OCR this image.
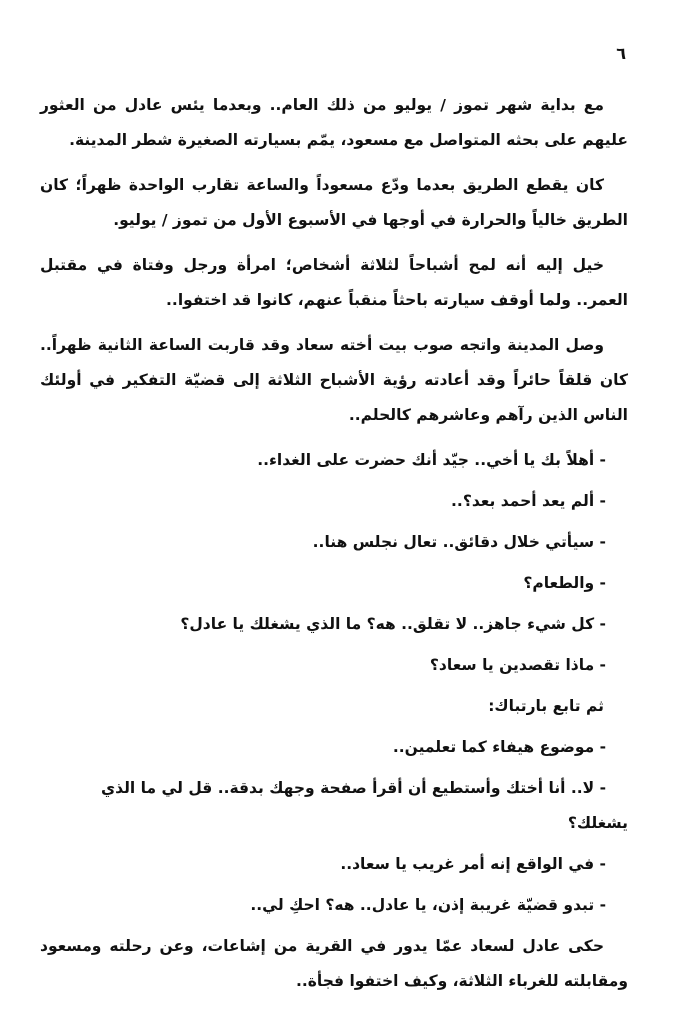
٦

مع بداية شهر تموز / يوليو من ذلك العام.. وبعدما يئس عادل من العثور عليهم على بحثه المتواصل مع مسعود، يمّم بسيارته الصغيرة شطر المدينة.

كان يقطع الطريق بعدما ودّع مسعوداً والساعة تقارب الواحدة ظهراً؛ كان الطريق خالياً والحرارة في أوجها في الأسبوع الأول من تموز / يوليو.

خيل إليه أنه لمح أشباحاً لثلاثة أشخاص؛ امرأة ورجل وفتاة في مقتبل العمر.. ولما أوقف سيارته باحثاً منقباً عنهم، كانوا قد اختفوا..

وصل المدينة واتجه صوب بيت أخته سعاد وقد قاربت الساعة الثانية ظهراً.. كان قلقاً حائراً وقد أعادته رؤية الأشباح الثلاثة إلى قضيّة التفكير في أولئك الناس الذين رآهم وعاشرهم كالحلم..

- أهلاً بك يا أخي.. جيّد أنك حضرت على الغداء..

- ألم يعد أحمد بعد؟..

- سيأتي خلال دقائق.. تعال نجلس هنا..

- والطعام؟

- كل شيء جاهز.. لا تقلق.. هه؟ ما الذي يشغلك يا عادل؟

- ماذا تقصدين يا سعاد؟

ثم تابع بارتباك:

- موضوع هيفاء كما تعلمين..

- لا.. أنا أختك وأستطيع أن أقرأ صفحة وجهك بدقة.. قل لي ما الذي يشغلك؟

- في الواقع إنه أمر غريب يا سعاد..

- تبدو قضيّة غريبة إذن، يا عادل.. هه؟ احكِ لي..

حكى عادل لسعاد عمّا يدور في القرية من إشاعات، وعن رحلته ومسعود ومقابلته للغرباء الثلاثة، وكيف اختفوا فجأة..
